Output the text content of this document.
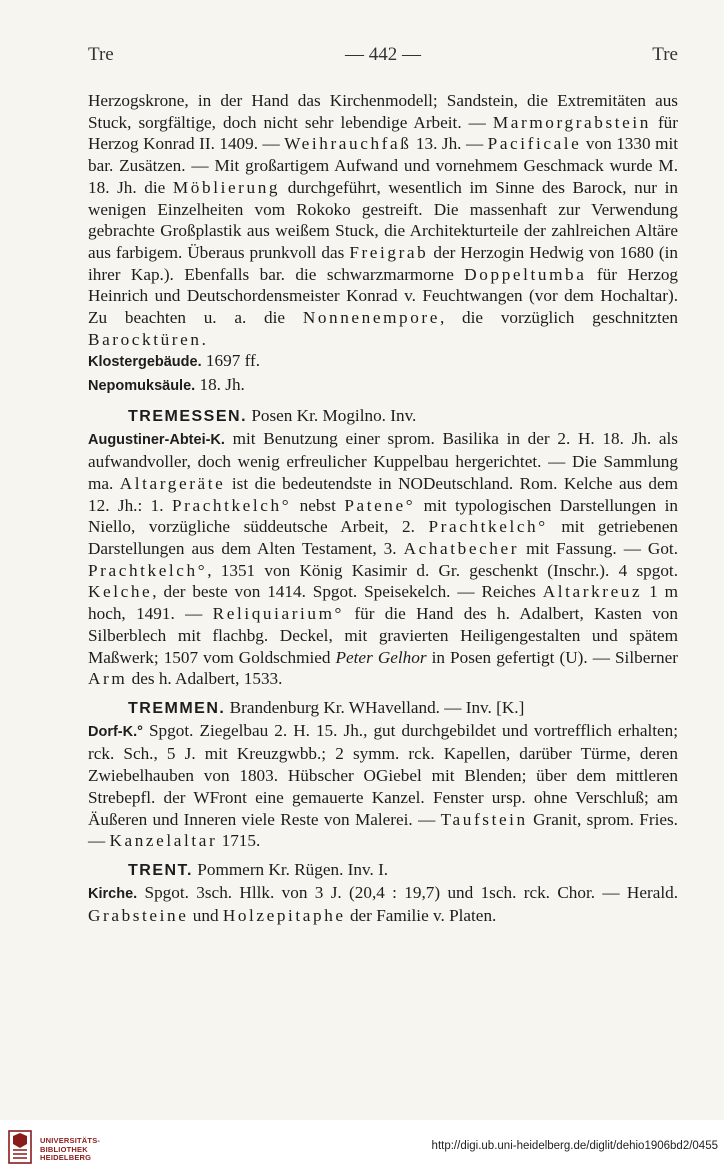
Tre	— 442 —	Tre

Herzogskrone, in der Hand das Kirchenmodell; Sandstein, die Extremitäten aus Stuck, sorgfältige, doch nicht sehr lebendige Arbeit. — Marmorgrabstein für Herzog Konrad II. 1409. — Weihrauchfaß 13. Jh. — Pacificale von 1330 mit bar. Zusätzen. — Mit großartigem Aufwand und vornehmem Geschmack wurde M. 18. Jh. die Möblierung durchgeführt, wesentlich im Sinne des Barock, nur in wenigen Einzelheiten vom Rokoko gestreift. Die massenhaft zur Verwendung gebrachte Großplastik aus weißem Stuck, die Architekturteile der zahlreichen Altäre aus farbigem. Überaus prunkvoll das Freigrab der Herzogin Hedwig von 1680 (in ihrer Kap.). Ebenfalls bar. die schwarzmarmorne Doppeltumba für Herzog Heinrich und Deutschordensmeister Konrad v. Feuchtwangen (vor dem Hochaltar). Zu beachten u. a. die Nonnenempore, die vorzüglich geschnitzten Barocktüren.

Klostergebäude. 1697 ff.

Nepomuksäule. 18. Jh.

TREMESSEN. Posen Kr. Mogilno. Inv.

Augustiner-Abtei-K. mit Benutzung einer sprom. Basilika in der 2. H. 18. Jh. als aufwandvoller, doch wenig erfreulicher Kuppelbau hergerichtet. — Die Sammlung ma. Altargeräte ist die bedeutendste in NODeutschland. Rom. Kelche aus dem 12. Jh.: 1. Prachtkelch° nebst Patene° mit typologischen Darstellungen in Niello, vorzügliche süddeutsche Arbeit, 2. Prachtkelch° mit getriebenen Darstellungen aus dem Alten Testament, 3. Achatbecher mit Fassung. — Got. Prachtkelch°, 1351 von König Kasimir d. Gr. geschenkt (Inschr.). 4 spgot. Kelche, der beste von 1414. Spgot. Speisekelch. — Reiches Altarkreuz 1 m hoch, 1491. — Reliquiarium° für die Hand des h. Adalbert, Kasten von Silberblech mit flachbg. Deckel, mit gravierten Heiligengestalten und spätem Maßwerk; 1507 vom Goldschmied Peter Gelhor in Posen gefertigt (U). — Silberner Arm des h. Adalbert, 1533.

TREMMEN. Brandenburg Kr. WHavelland. — Inv. [K.]

Dorf-K.° Spgot. Ziegelbau 2. H. 15. Jh., gut durchgebildet und vortrefflich erhalten; rck. Sch., 5 J. mit Kreuzgwbb.; 2 symm. rck. Kapellen, darüber Türme, deren Zwiebelhauben von 1803. Hübscher OGiebel mit Blenden; über dem mittleren Strebepfl. der WFront eine gemauerte Kanzel. Fenster ursp. ohne Verschluß; am Äußeren und Inneren viele Reste von Malerei. — Taufstein Granit, sprom. Fries. — Kanzelaltar 1715.

TRENT. Pommern Kr. Rügen. Inv. I.

Kirche. Spgot. 3sch. Hllk. von 3 J. (20,4 : 19,7) und 1sch. rck. Chor. — Herald. Grabsteine und Holzepitaphe der Familie v. Platen.

UNIVERSITÄTS-
BIBLIOTHEK
HEIDELBERG
http://digi.ub.uni-heidelberg.de/diglit/dehio1906bd2/0455
